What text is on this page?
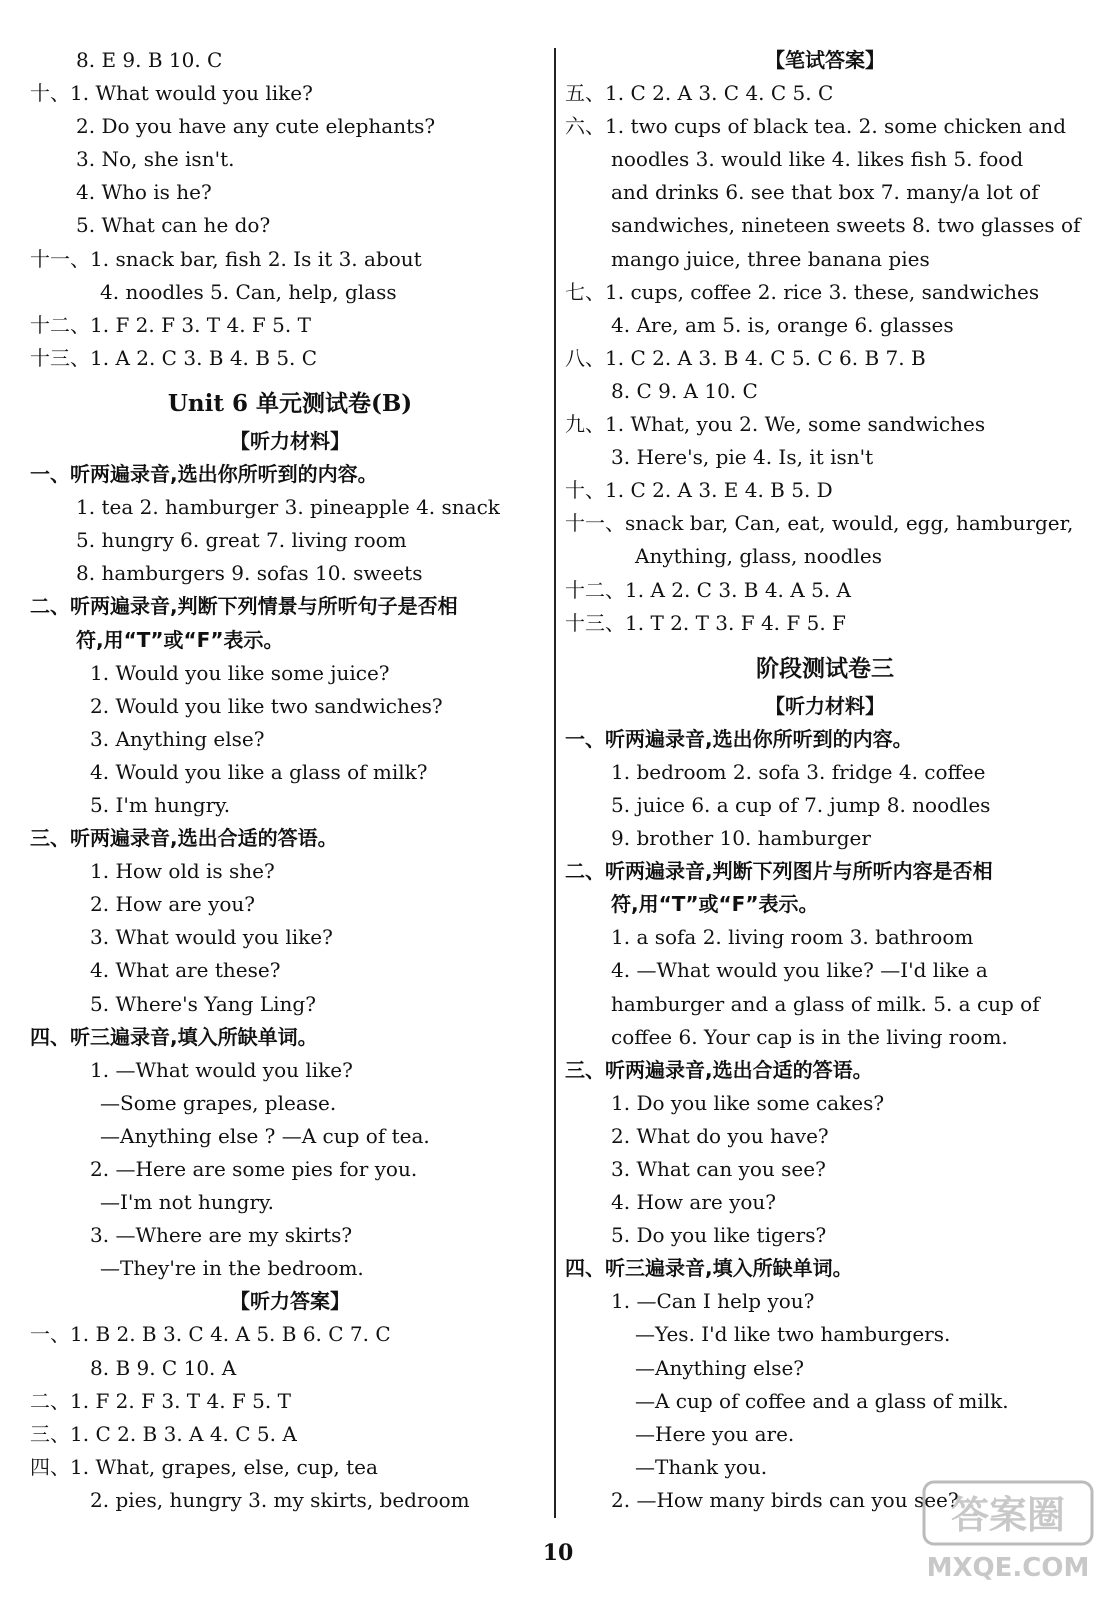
8. E 9. B 10. C
十、1. What would you like?
2. Do you have any cute elephants?
3. No, she isn't.
4. Who is he?
5. What can he do?
十一、1. snack bar, fish 2. Is it 3. about
4. noodles 5. Can, help, glass
十二、1. F 2. F 3. T 4. F 5. T
十三、1. A 2. C 3. B 4. B 5. C
Unit 6 单元测试卷(B)
【听力材料】
一、听两遍录音,选出你所听到的内容。
1. tea 2. hamburger 3. pineapple 4. snack
5. hungry 6. great 7. living room
8. hamburgers 9. sofas 10. sweets
二、听两遍录音,判断下列情景与所听句子是否相
符,用“T”或“F”表示。
1. Would you like some juice?
2. Would you like two sandwiches?
3. Anything else?
4. Would you like a glass of milk?
5. I'm hungry.
三、听两遍录音,选出合适的答语。
1. How old is she?
2. How are you?
3. What would you like?
4. What are these?
5. Where's Yang Ling?
四、听三遍录音,填入所缺单词。
1. —What would you like?
—Some grapes, please.
—Anything else ? —A cup of tea.
2. —Here are some pies for you.
—I'm not hungry.
3. —Where are my skirts?
—They're in the bedroom.
【听力答案】
一、1. B 2. B 3. C 4. A 5. B 6. C 7. C
8. B 9. C 10. A
二、1. F 2. F 3. T 4. F 5. T
三、1. C 2. B 3. A 4. C 5. A
四、1. What, grapes, else, cup, tea
2. pies, hungry 3. my skirts, bedroom
【笔试答案】
五、1. C 2. A 3. C 4. C 5. C
六、1. two cups of black tea. 2. some chicken and
noodles 3. would like 4. likes fish 5. food
and drinks 6. see that box 7. many/a lot of
sandwiches, nineteen sweets 8. two glasses of
mango juice, three banana pies
七、1. cups, coffee 2. rice 3. these, sandwiches
4. Are, am 5. is, orange 6. glasses
八、1. C 2. A 3. B 4. C 5. C 6. B 7. B
8. C 9. A 10. C
九、1. What, you 2. We, some sandwiches
3. Here's, pie 4. Is, it isn't
十、1. C 2. A 3. E 4. B 5. D
十一、snack bar, Can, eat, would, egg, hamburger,
Anything, glass, noodles
十二、1. A 2. C 3. B 4. A 5. A
十三、1. T 2. T 3. F 4. F 5. F
阶段测试卷三
【听力材料】
一、听两遍录音,选出你所听到的内容。
1. bedroom 2. sofa 3. fridge 4. coffee
5. juice 6. a cup of 7. jump 8. noodles
9. brother 10. hamburger
二、听两遍录音,判断下列图片与所听内容是否相
符,用“T”或“F”表示。
1. a sofa 2. living room 3. bathroom
4. —What would you like? —I'd like a
hamburger and a glass of milk. 5. a cup of
coffee 6. Your cap is in the living room.
三、听两遍录音,选出合适的答语。
1. Do you like some cakes?
2. What do you have?
3. What can you see?
4. How are you?
5. Do you like tigers?
四、听三遍录音,填入所缺单词。
1. —Can I help you?
—Yes. I'd like two hamburgers.
—Anything else?
—A cup of coffee and a glass of milk.
—Here you are.
—Thank you.
2. —How many birds can you see?
10
答案圈
MXQE.COM
